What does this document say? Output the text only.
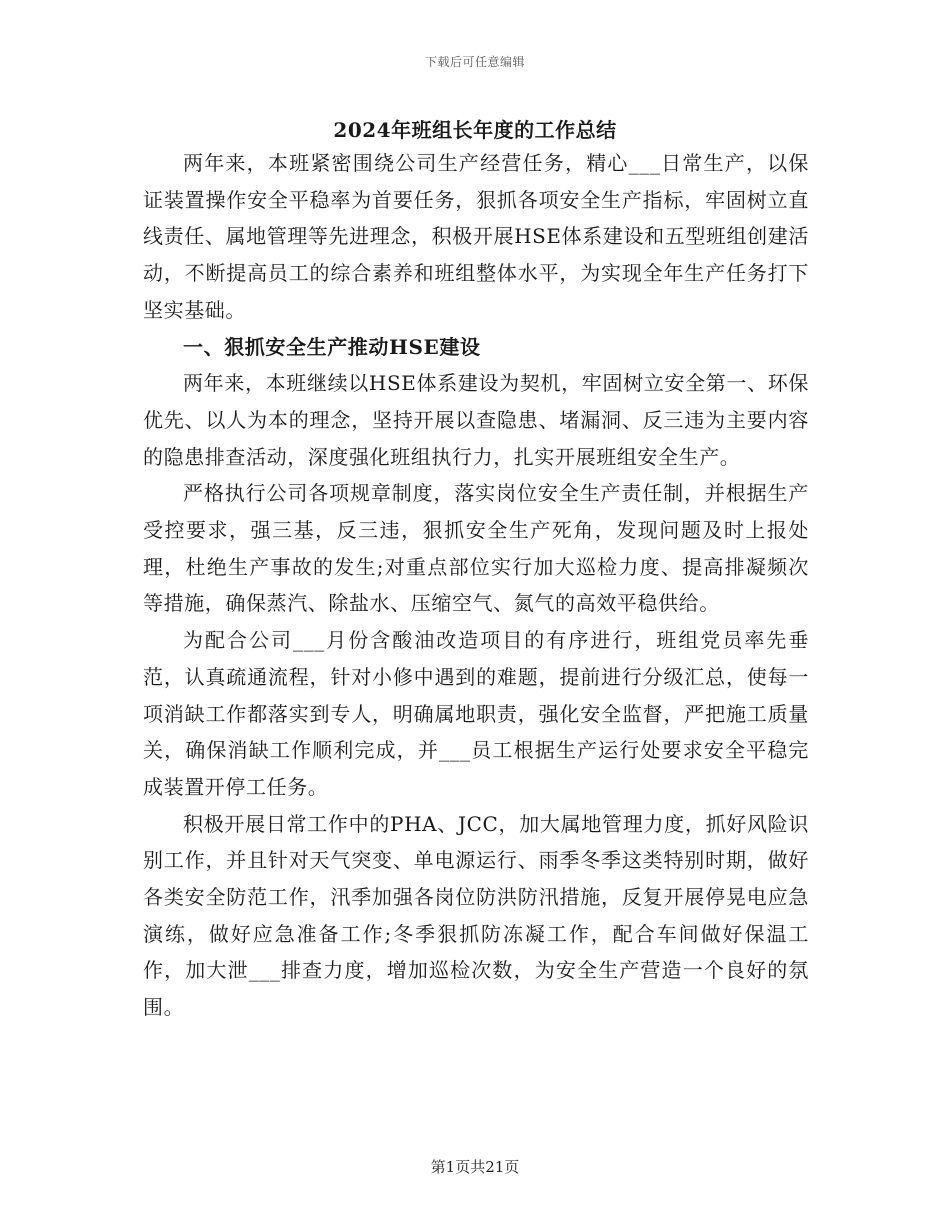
下载后可任意编辑
2024年班组长年度的工作总结

两年来，本班紧密围绕公司生产经营任务，精心___日常生产，以保证装置操作安全平稳率为首要任务，狠抓各项安全生产指标，牢固树立直线责任、属地管理等先进理念，积极开展HSE体系建设和五型班组创建活动，不断提高员工的综合素养和班组整体水平，为实现全年生产任务打下坚实基础。

一、狠抓安全生产推动HSE建设

两年来，本班继续以HSE体系建设为契机，牢固树立安全第一、环保优先、以人为本的理念，坚持开展以查隐患、堵漏洞、反三违为主要内容的隐患排查活动，深度强化班组执行力，扎实开展班组安全生产。

严格执行公司各项规章制度，落实岗位安全生产责任制，并根据生产受控要求，强三基，反三违，狠抓安全生产死角，发现问题及时上报处理，杜绝生产事故的发生;对重点部位实行加大巡检力度、提高排凝频次等措施，确保蒸汽、除盐水、压缩空气、氮气的高效平稳供给。

为配合公司___月份含酸油改造项目的有序进行，班组党员率先垂范，认真疏通流程，针对小修中遇到的难题，提前进行分级汇总，使每一项消缺工作都落实到专人，明确属地职责，强化安全监督，严把施工质量关，确保消缺工作顺利完成，并___员工根据生产运行处要求安全平稳完成装置开停工任务。

积极开展日常工作中的PHA、JCC，加大属地管理力度，抓好风险识别工作，并且针对天气突变、单电源运行、雨季冬季这类特别时期，做好各类安全防范工作，汛季加强各岗位防洪防汛措施，反复开展停晃电应急演练，做好应急准备工作;冬季狠抓防冻凝工作，配合车间做好保温工作，加大泄___排查力度，增加巡检次数，为安全生产营造一个良好的氛围。

第1页共21页
